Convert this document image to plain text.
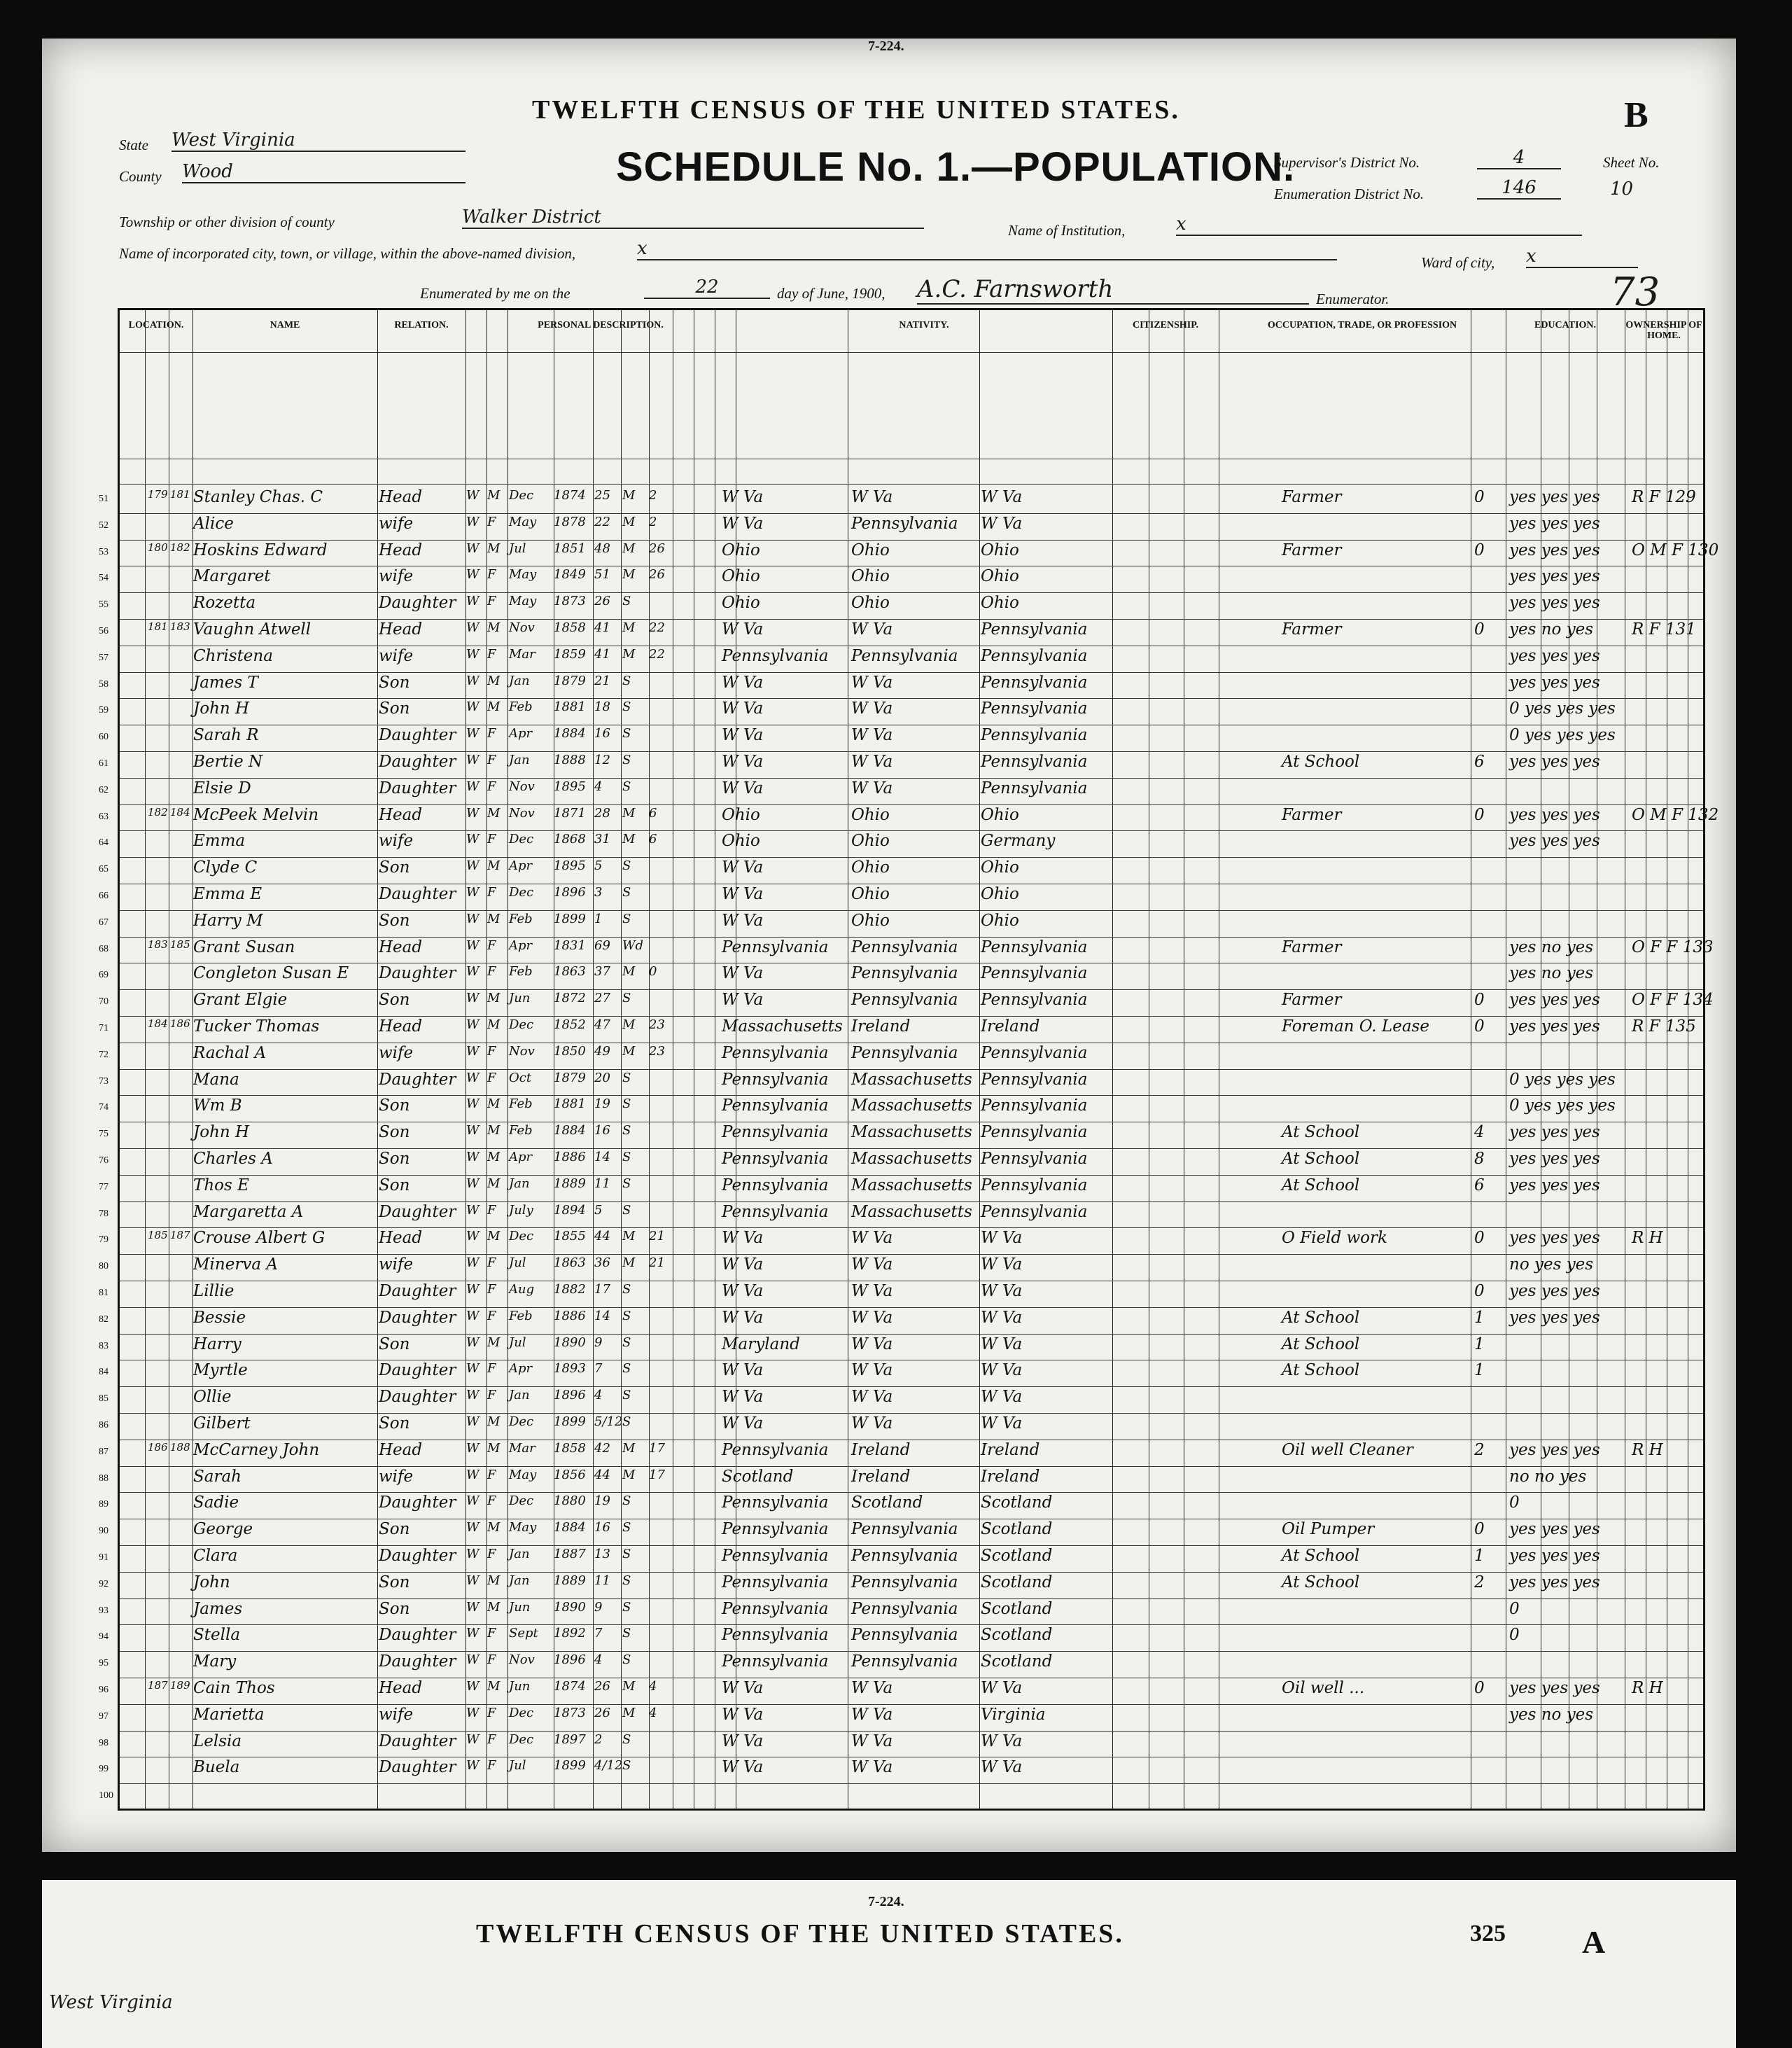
7-224.
TWELFTH CENSUS OF THE UNITED STATES.	B
SCHEDULE No. 1.—POPULATION.
State West Virginia
County Wood	Supervisor's District No.	4	Sheet No.
Enumeration District No.	146	10
Township or other division of county	Walker District
Name of Institution,	x
Name of incorporated city, town, or village, within the above-named division,	x
Ward of city, x
Enumerated by me on the	22	day of June, 1900, A.C. Farnsworth	Enumerator.	73
LOCATION.	NAME	RELATION.	PERSONAL DESCRIPTION.	NATIVITY.	CITIZENSHIP.	OCCUPATION, TRADE, OR PROFESSION	EDUCATION.	OWNERSHIP OF HOME.
51	179 181 Stanley Chas. C	Head	W M Dec	1874 25 M	2	W Va	W Va	W Va	Farmer	0	yes yes yes	R F 129
52	Alice	wife	W F	May	1878 22 M	2	W Va	Pennsylvania	W Va	yes yes yes
53	180 182 Hoskins Edward	Head	W M Jul	1851 48 M	26	Ohio	Ohio	Ohio	Farmer	0	yes yes yes	O M F 130
54	Margaret	wife	W F	May	1849 51 M	26	Ohio	Ohio	Ohio	yes yes yes
55	Rozetta	Daughter W F	May	1873 26 S	Ohio	Ohio	Ohio	yes yes yes
56	181 183 Vaughn Atwell	Head	W M Nov	1858 41 M	22	W Va	W Va	Pennsylvania	Farmer	0	yes no yes	R F 131
57	Christena	wife	W F	Mar	1859 41 M	22	Pennsylvania	Pennsylvania	Pennsylvania	yes yes yes
58	James T	Son	W M Jan	1879 21 S	W Va	W Va	Pennsylvania	yes yes yes
59	John H	Son	W M Feb	1881 18 S	W Va	W Va	Pennsylvania	0 yes yes yes
60	Sarah R	Daughter W F	Apr	1884 16 S	W Va	W Va	Pennsylvania	0 yes yes yes
61	Bertie N	Daughter W F	Jan	1888 12 S	W Va	W Va	Pennsylvania	At School	6	yes yes yes
62	Elsie D	Daughter W F	Nov	1895 4	S	W Va	W Va	Pennsylvania
63	182 184 McPeek Melvin	Head	W M Nov	1871 28 M	6	Ohio	Ohio	Ohio	Farmer	0	yes yes yes	O M F 132
64	Emma	wife	W F	Dec	1868 31 M	6	Ohio	Ohio	Germany	yes yes yes
65	Clyde C	Son	W M Apr	1895 5	S	W Va	Ohio	Ohio
66	Emma E	Daughter W F	Dec	1896 3	S	W Va	Ohio	Ohio
67	Harry M	Son	W M Feb	1899 1	S	W Va	Ohio	Ohio
68	183 185 Grant Susan	Head	W F	Apr	1831 69 Wd	Pennsylvania	Pennsylvania	Pennsylvania	Farmer	yes no yes	O F F 133
69	Congleton Susan E	Daughter W F	Feb	1863 37 M	0	W Va	Pennsylvania	Pennsylvania	yes no yes
70	Grant Elgie	Son	W M Jun	1872 27 S	W Va	Pennsylvania	Pennsylvania	Farmer	0	yes yes yes	O F F 134
71	184 186 Tucker Thomas	Head	W M Dec	1852 47 M	23	Massachusetts Ireland	Ireland	Foreman O. Lease	0	yes yes yes	R F 135
72	Rachal A	wife	W F	Nov	1850 49 M	23	Pennsylvania	Pennsylvania	Pennsylvania
73	Mana	Daughter W F	Oct	1879 20 S	Pennsylvania	Massachusetts Pennsylvania	0 yes yes yes
74	Wm B	Son	W M Feb	1881 19 S	Pennsylvania	Massachusetts Pennsylvania	0 yes yes yes
75	John H	Son	W M Feb	1884 16 S	Pennsylvania	Massachusetts Pennsylvania	At School	4	yes yes yes
76	Charles A	Son	W M Apr	1886 14 S	Pennsylvania	Massachusetts Pennsylvania	At School	8	yes yes yes
77	Thos E	Son	W M Jan	1889 11 S	Pennsylvania	Massachusetts Pennsylvania	At School	6	yes yes yes
78	Margaretta A	Daughter W F	July	1894 5	S	Pennsylvania	Massachusetts Pennsylvania
79	185 187 Crouse Albert G	Head	W M Dec	1855 44 M	21	W Va	W Va	W Va	O Field work	0	yes yes yes	R H
80	Minerva A	wife	W F	Jul	1863 36 M	21	W Va	W Va	W Va	no yes yes
81	Lillie	Daughter W F	Aug	1882 17 S	W Va	W Va	W Va	0	yes yes yes
82	Bessie	Daughter W F	Feb	1886 14 S	W Va	W Va	W Va	At School	1	yes yes yes
83	Harry	Son	W M Jul	1890 9	S	Maryland	W Va	W Va	At School	1
84	Myrtle	Daughter W F	Apr	1893 7	S	W Va	W Va	W Va	At School	1
85	Ollie	Daughter W F	Jan	1896 4	S	W Va	W Va	W Va
86	Gilbert	Son	W M Dec	1899 5/12 S	W Va	W Va	W Va
87	186 188 McCarney John	Head	W M Mar	1858 42 M	17	Pennsylvania	Ireland	Ireland	Oil well Cleaner	2	yes yes yes	R H
88	Sarah	wife	W F	May	1856 44 M	17	Scotland	Ireland	Ireland	no no yes
89	Sadie	Daughter W F	Dec	1880 19 S	Pennsylvania	Scotland	Scotland	0
90	George	Son	W M May	1884 16 S	Pennsylvania	Pennsylvania	Scotland	Oil Pumper	0	yes yes yes
91	Clara	Daughter W F	Jan	1887 13 S	Pennsylvania	Pennsylvania	Scotland	At School	1	yes yes yes
92	John	Son	W M Jan	1889 11 S	Pennsylvania	Pennsylvania	Scotland	At School	2	yes yes yes
93	James	Son	W M Jun	1890 9	S	Pennsylvania	Pennsylvania	Scotland	0
94	Stella	Daughter W F	Sept	1892 7	S	Pennsylvania	Pennsylvania	Scotland	0
95	Mary	Daughter W F	Nov	1896 4	S	Pennsylvania	Pennsylvania	Scotland
96	187 189 Cain Thos	Head	W M Jun	1874 26 M	4	W Va	W Va	W Va	Oil well ...	0	yes yes yes	R H
97	Marietta	wife	W F	Dec	1873 26 M	4	W Va	W Va	Virginia	yes no yes
98	Lelsia	Daughter W F	Dec	1897 2	S	W Va	W Va	W Va
99	Buela	Daughter W F	Jul	1899 4/12 S	W Va	W Va	W Va
100
7-224.
TWELFTH CENSUS OF THE UNITED STATES.	325 A
West Virginia
